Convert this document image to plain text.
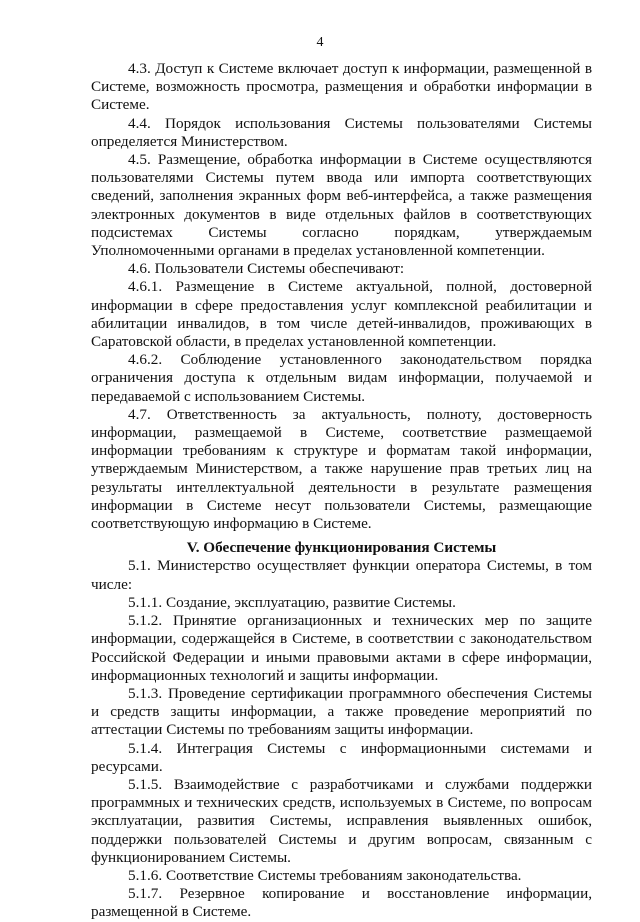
4

4.3. Доступ к Системе включает доступ к информации, размещенной в Системе, возможность просмотра, размещения и обработки информации в Системе.

4.4. Порядок использования Системы пользователями Системы определяется Министерством.

4.5. Размещение, обработка информации в Системе осуществляются пользователями Системы путем ввода или импорта соответствующих сведений, заполнения экранных форм веб-интерфейса, а также размещения электронных документов в виде отдельных файлов в соответствующих подсистемах Системы согласно порядкам, утверждаемым Уполномоченными органами в пределах установленной компетенции.

4.6. Пользователи Системы обеспечивают:

4.6.1. Размещение в Системе актуальной, полной, достоверной информации в сфере предоставления услуг комплексной реабилитации и абилитации инвалидов, в том числе детей-инвалидов, проживающих в Саратовской области, в пределах установленной компетенции.

4.6.2. Соблюдение установленного законодательством порядка ограничения доступа к отдельным видам информации, получаемой и передаваемой с использованием Системы.

4.7. Ответственность за актуальность, полноту, достоверность информации, размещаемой в Системе, соответствие размещаемой информации требованиям к структуре и форматам такой информации, утверждаемым Министерством, а также нарушение прав третьих лиц на результаты интеллектуальной деятельности в результате размещения информации в Системе несут пользователи Системы, размещающие соответствующую информацию в Системе.

V. Обеспечение функционирования Системы

5.1. Министерство осуществляет функции оператора Системы, в том числе:

5.1.1. Создание, эксплуатацию, развитие Системы.

5.1.2. Принятие организационных и технических мер по защите информации, содержащейся в Системе, в соответствии с законодательством Российской Федерации и иными правовыми актами в сфере информации, информационных технологий и защиты информации.

5.1.3. Проведение сертификации программного обеспечения Системы и средств защиты информации, а также проведение мероприятий по аттестации Системы по требованиям защиты информации.

5.1.4. Интеграция Системы с информационными системами и ресурсами.

5.1.5. Взаимодействие с разработчиками и службами поддержки программных и технических средств, используемых в Системе, по вопросам эксплуатации, развития Системы, исправления выявленных ошибок, поддержки пользователей Системы и другим вопросам, связанным с функционированием Системы.

5.1.6. Соответствие Системы требованиям законодательства.

5.1.7. Резервное копирование и восстановление информации, размещенной в Системе.
